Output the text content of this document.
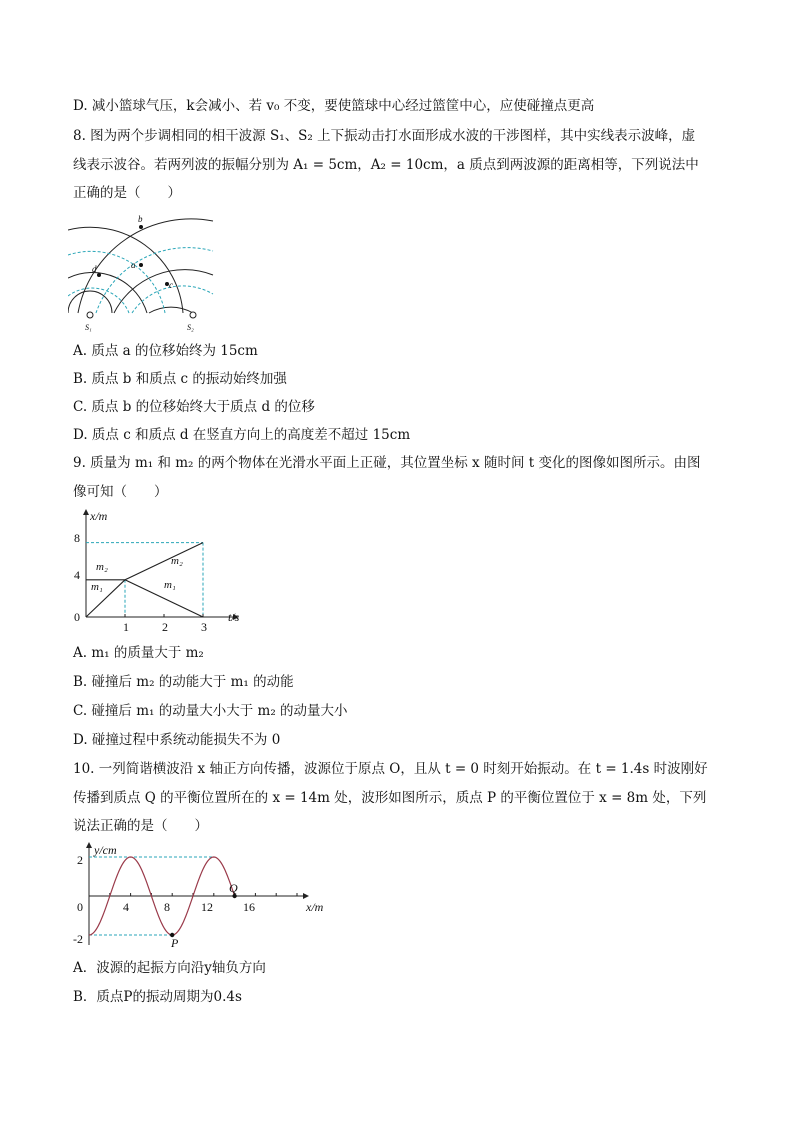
D. 减小篮球气压，k会减小、若 v₀ 不变，要使篮球中心经过篮筐中心，应使碰撞点更高
8. 图为两个步调相同的相干波源 S₁、S₂ 上下振动击打水面形成水波的干涉图样，其中实线表示波峰，虚
线表示波谷。若两列波的振幅分别为 A₁ = 5cm，A₂ = 10cm，a 质点到两波源的距离相等，下列说法中
正确的是（　　）
b
a
d
c
S₁	S₂
A. 质点 a 的位移始终为 15cm
B. 质点 b 和质点 c 的振动始终加强
C. 质点 b 的位移始终大于质点 d 的位移
D. 质点 c 和质点 d 在竖直方向上的高度差不超过 15cm
9. 质量为 m₁ 和 m₂ 的两个物体在光滑水平面上正碰，其位置坐标 x 随时间 t 变化的图像如图所示。由图
像可知（　　）
8
4
0
1	2	3
x/m
t/s
m₂
m₁
m₂
m₁
A. m₁ 的质量大于 m₂
B. 碰撞后 m₂ 的动能大于 m₁ 的动能
C. 碰撞后 m₁ 的动量大小大于 m₂ 的动量大小
D. 碰撞过程中系统动能损失不为 0
10. 一列简谐横波沿 x 轴正方向传播，波源位于原点 O，且从 t = 0 时刻开始振动。在 t = 1.4s 时波刚好
传播到质点 Q 的平衡位置所在的 x = 14m 处，波形如图所示，质点 P 的平衡位置位于 x = 8m 处，下列
说法正确的是（　　）
2
0
-2
4	8	12	16
y/cm
x/m
Q
P
A．波源的起振方向沿y轴负方向
B．质点P的振动周期为0.4s
